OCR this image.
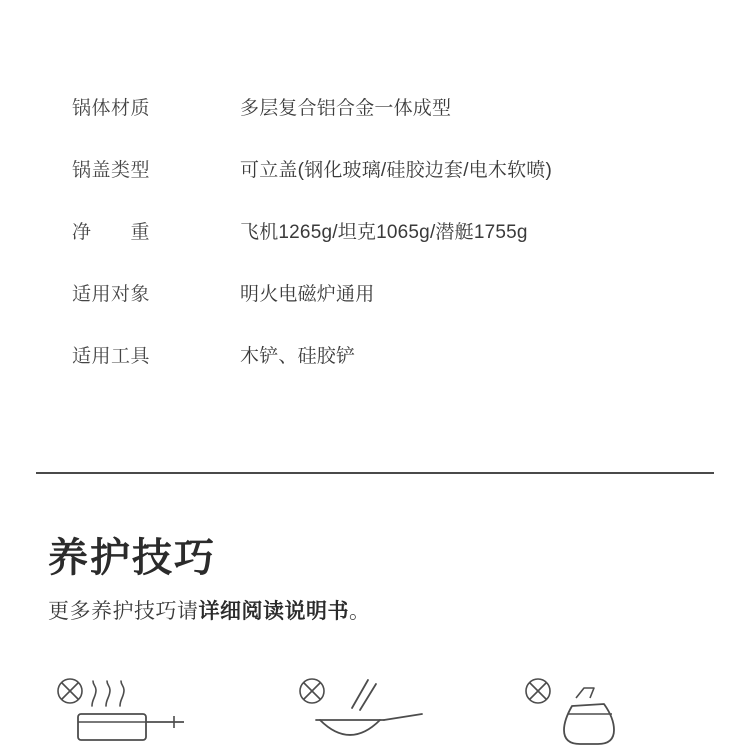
锅体材质	多层复合铝合金一体成型
锅盖类型	可立盖(钢化玻璃/硅胶边套/电木软喷)
净　　重	飞机1265g/坦克1065g/潜艇1755g
适用对象	明火电磁炉通用
适用工具	木铲、硅胶铲
养护技巧
更多养护技巧请详细阅读说明书。
